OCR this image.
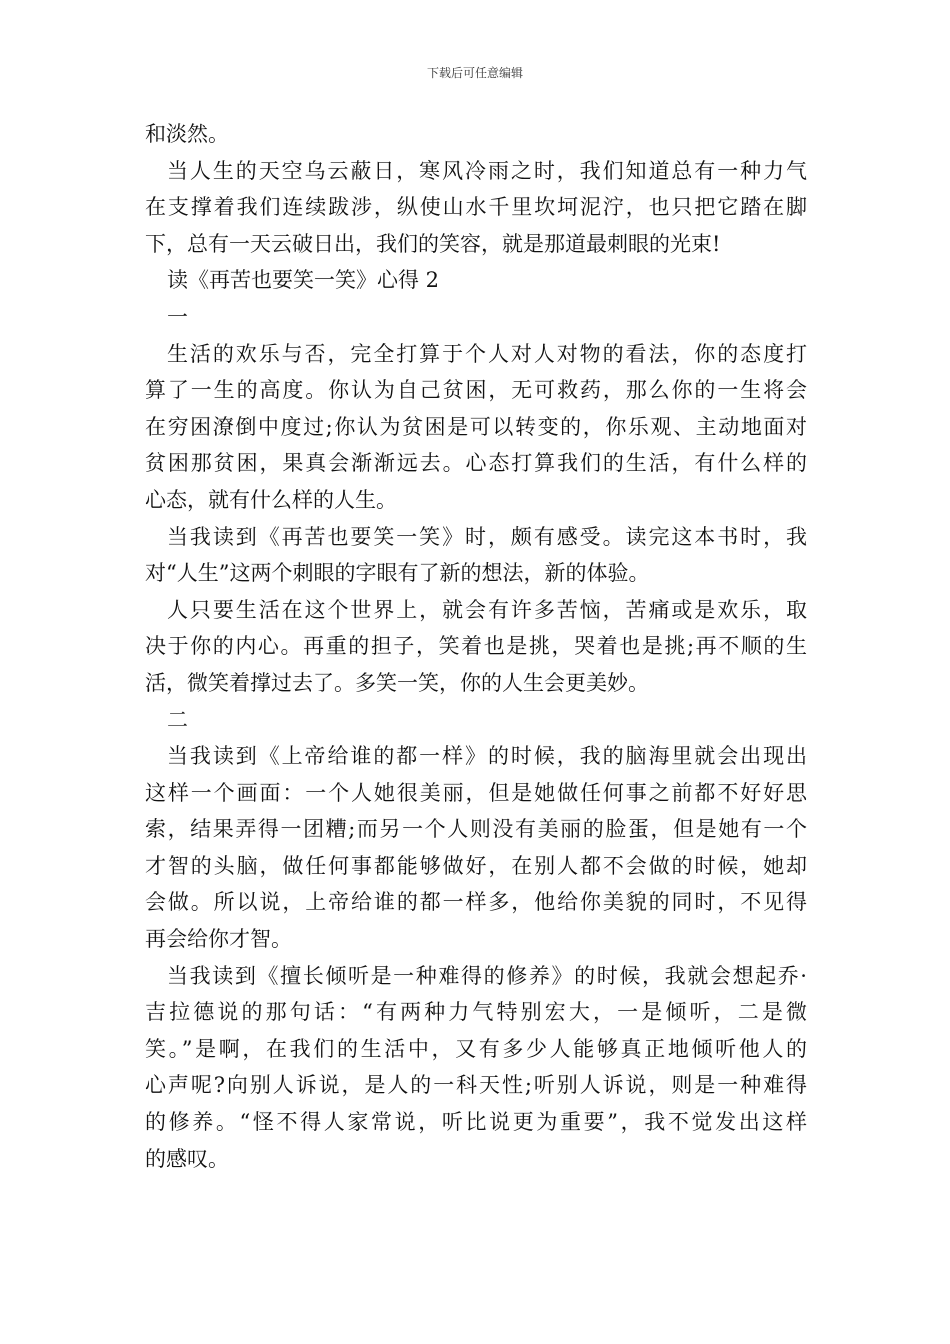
下载后可任意编辑
和淡然。
当人生的天空乌云蔽日，寒风冷雨之时，我们知道总有一种力气
在支撑着我们连续跋涉，纵使山水千里坎坷泥泞，也只把它踏在脚
下，总有一天云破日出，我们的笑容，就是那道最刺眼的光束!
读《再苦也要笑一笑》心得 2
一
生活的欢乐与否，完全打算于个人对人对物的看法，你的态度打
算了一生的高度。你认为自己贫困，无可救药，那么你的一生将会
在穷困潦倒中度过;你认为贫困是可以转变的，你乐观、主动地面对
贫困那贫困，果真会渐渐远去。心态打算我们的生活，有什么样的
心态，就有什么样的人生。
当我读到《再苦也要笑一笑》时，颇有感受。读完这本书时，我
对“人生”这两个刺眼的字眼有了新的想法，新的体验。
人只要生活在这个世界上，就会有许多苦恼，苦痛或是欢乐，取
决于你的内心。再重的担子，笑着也是挑，哭着也是挑;再不顺的生
活，微笑着撑过去了。多笑一笑，你的人生会更美妙。
二
当我读到《上帝给谁的都一样》的时候，我的脑海里就会出现出
这样一个画面：一个人她很美丽，但是她做任何事之前都不好好思
索，结果弄得一团糟;而另一个人则没有美丽的脸蛋，但是她有一个
才智的头脑，做任何事都能够做好，在别人都不会做的时候，她却
会做。所以说，上帝给谁的都一样多，他给你美貌的同时，不见得
再会给你才智。
当我读到《擅长倾听是一种难得的修养》的时候，我就会想起乔·
吉拉德说的那句话：“有两种力气特别宏大，一是倾听，二是微
笑。”是啊，在我们的生活中，又有多少人能够真正地倾听他人的
心声呢?向别人诉说，是人的一科天性;听别人诉说，则是一种难得
的修养。“怪不得人家常说，听比说更为重要”，我不觉发出这样
的感叹。
